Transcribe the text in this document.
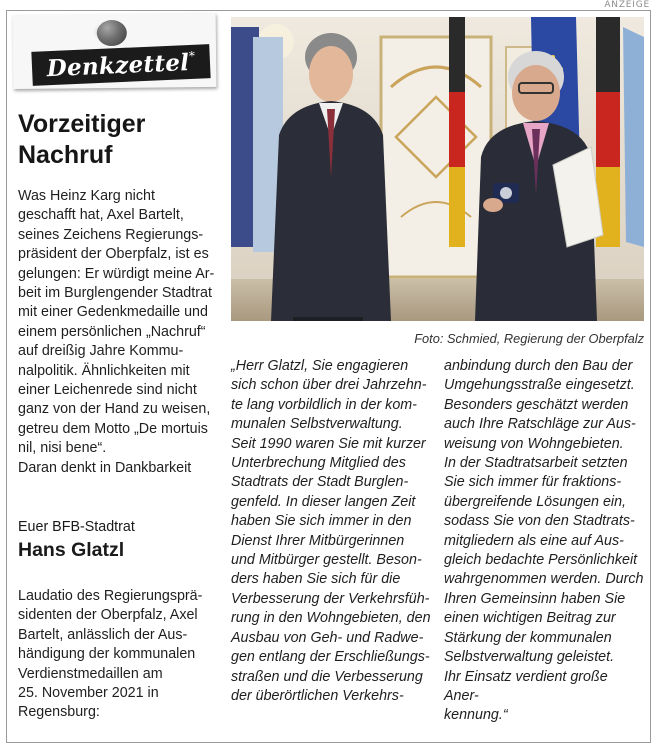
ANZEIGE
Denkzettel
*
Vorzeitiger
Nachruf

Was Heinz Karg nicht

geschafft hat, Axel Bartelt,

seines Zeichens Regierungs-

präsident der Oberpfalz, ist es

gelungen: Er würdigt meine Ar-

beit im Burglengender Stadtrat

mit einer Gedenkmedaille und

einem persönlichen „Nachruf“

auf dreißig Jahre Kommu-

nalpolitik. Ähnlichkeiten mit

einer Leichenrede sind nicht

ganz von der Hand zu weisen,

getreu dem Motto „De mortuis

nil, nisi bene“.

Daran denkt in Dankbarkeit

Euer BFB-Stadtrat
Hans Glatzl

Laudatio des Regierungsprä-

sidenten der Oberpfalz, Axel

Bartelt, anlässlich der Aus-

händigung der kommunalen

Verdienstmedaillen am

25. November 2021 in

Regensburg:

Foto: Schmied, Regierung der Oberpfalz

„Herr Glatzl, Sie engagieren

sich schon über drei Jahrzehn-

te lang vorbildlich in der kom-

munalen Selbstverwaltung.

Seit 1990 waren Sie mit kurzer

Unterbrechung Mitglied des

Stadtrats der Stadt Burglen-

genfeld. In dieser langen Zeit

haben Sie sich immer in den

Dienst Ihrer Mitbürgerinnen

und Mitbürger gestellt. Beson-

ders haben Sie sich für die

Verbesserung der Verkehrsfüh-

rung in den Wohngebieten, den

Ausbau von Geh- und Radwe-

gen entlang der Erschließungs-

straßen und die Verbesserung

der überörtlichen Verkehrs-

anbindung durch den Bau der

Umgehungsstraße eingesetzt.

Besonders geschätzt werden

auch Ihre Ratschläge zur Aus-

weisung von Wohngebieten.

In der Stadtratsarbeit setzten

Sie sich immer für fraktions-

übergreifende Lösungen ein,

sodass Sie von den Stadtrats-

mitgliedern als eine auf Aus-

gleich bedachte Persönlichkeit

wahrgenommen werden. Durch

Ihren Gemeinsinn haben Sie

einen wichtigen Beitrag zur

Stärkung der kommunalen

Selbstverwaltung geleistet.

Ihr Einsatz verdient große Aner-

kennung.“
